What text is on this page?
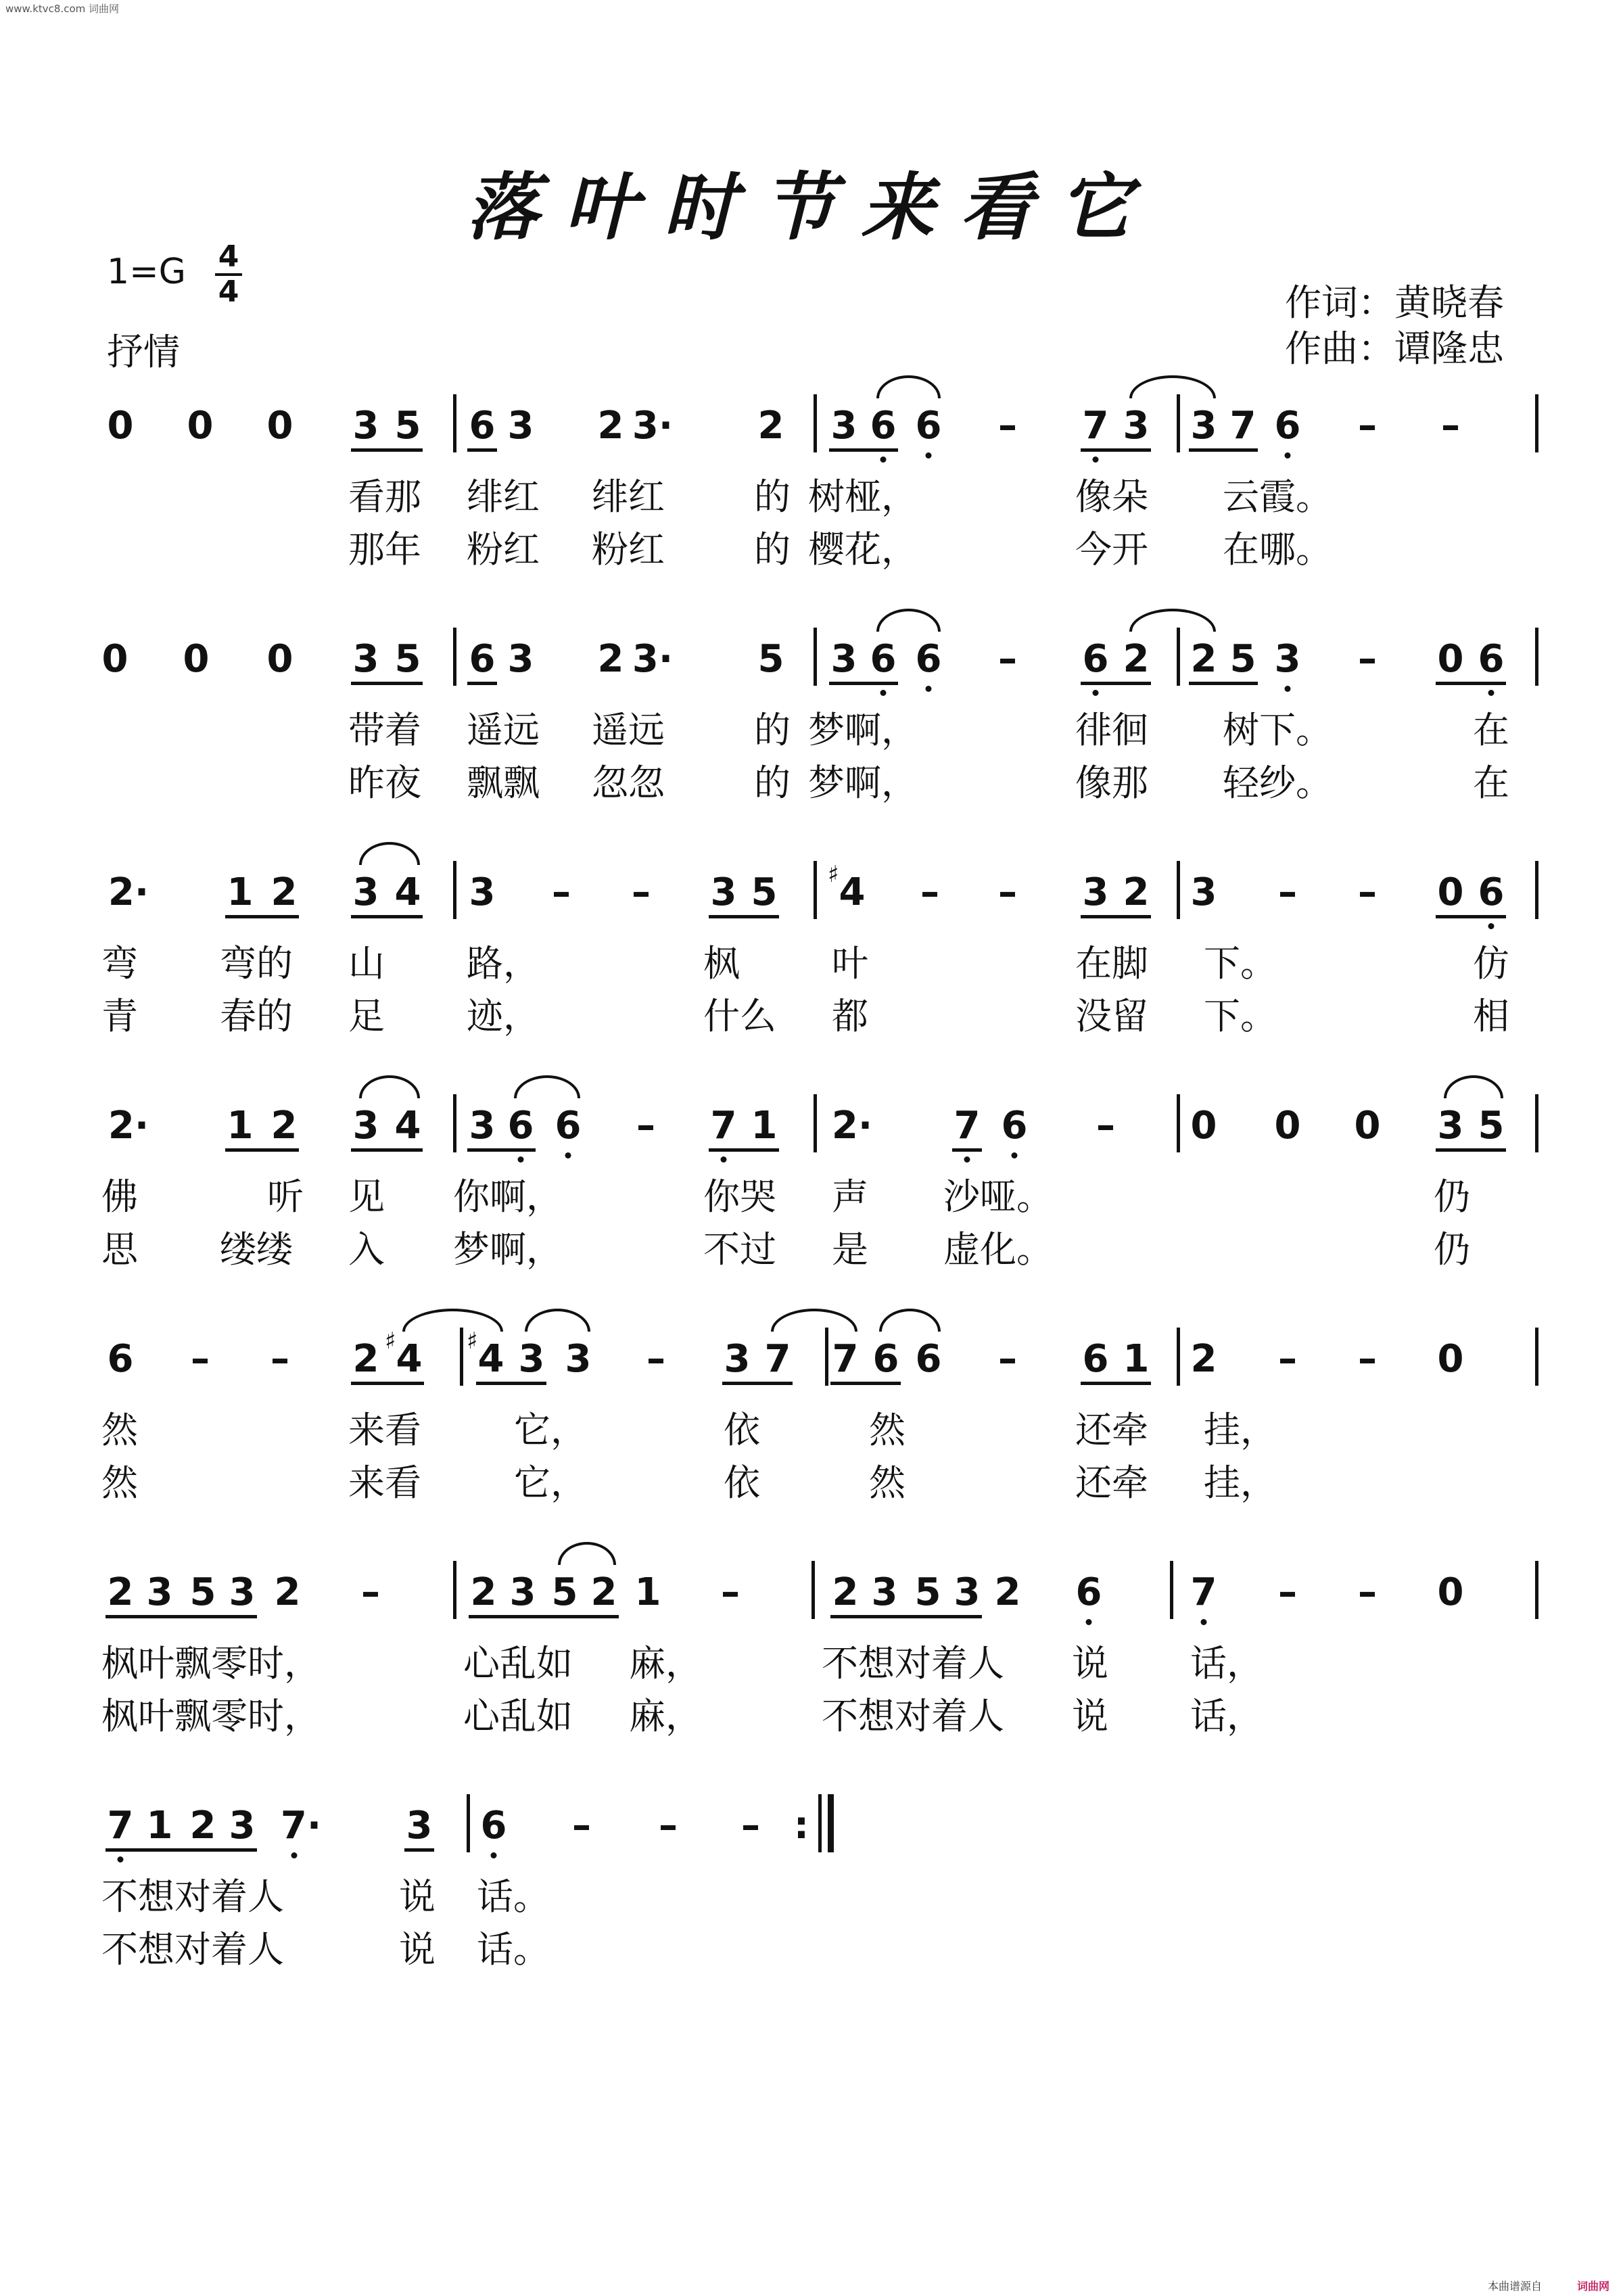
www.ktvc8.com 词曲网
落叶时节来看它
1=G 4
4
抒情
作词：黄晓春
作曲：谭隆忠
0 0 0 3 5 6 3 2 3· 2 3 6 6 – 7 3 3 7 6 – –
看那 绯红 绯红 的 树桠，	像朵 云霞。
那年 粉红 粉红 的 樱花，	今开 在哪。
0 0 0 3 5 6 3 2 3· 5 3 6 6 – 6 2 2 5 3 – 0 6
带着 遥远 遥远 的 梦啊，	徘徊 树下。	在
昨夜 飘飘 忽忽 的 梦啊，	像那 轻纱。	在
2· 1 2 3 4 3 – – 3 5 4
♯ – – 3 2 3 – – 0 6
弯 弯的 山 路，	枫	叶	在脚 下。	仿
青 春的 足 迹，	什么 都	没留 下。	相
2· 1 2 3 4 3 6 6 – 7 1 2· 7 6 – 0 0 0 3 5
佛	听 见 你啊，	你哭 声 沙哑。	仍
思 缕缕 入 梦啊，	不过 是 虚化。	仍
6 – – 2 4
♯ 4
♯ 3 3 – 3 7 7 6 6 – 6 1 2 – – 0
然	来看	它，	依	然	还牵 挂，
然	来看	它，	依	然	还牵 挂，
2 3 5 3 2 – 2 3 5 2 1 – 2 3 5 3 2 6 7 – – 0
枫叶飘零时，	心乱如 麻，	不想对着人 说 话，
枫叶飘零时，	心乱如 麻，	不想对着人 说 话，
7 1 2 3 7· 3 6 – – – :
不想对着人	说 话。
不想对着人	说 话。
本曲谱源自	词曲网
